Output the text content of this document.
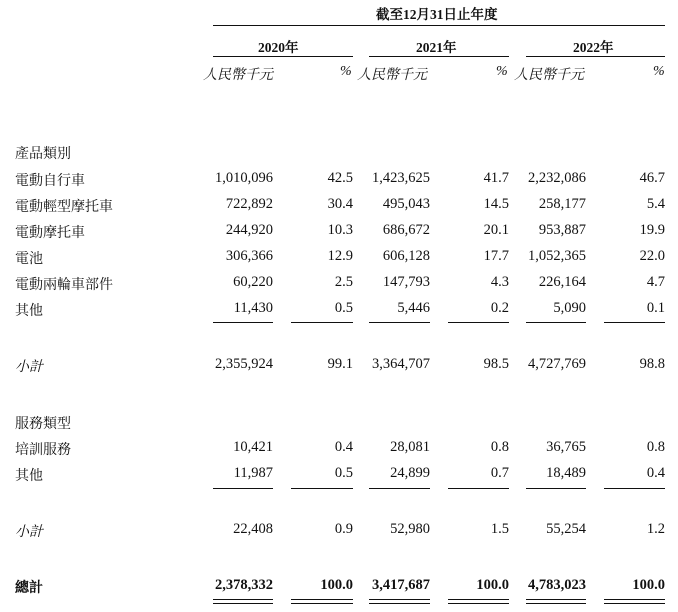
截至12月31日止年度
2020年	2021年	2022年
人民幣千元	% 人民幣千元	% 人民幣千元	%
產品類別
電動自行車	1,010,096	42.5 1,423,625	41.7 2,232,086	46.7
電動輕型摩托車	722,892	30.4 495,043	14.5 258,177	5.4
電動摩托車	244,920	10.3 686,672	20.1 953,887	19.9
電池	306,366	12.9 606,128	17.7 1,052,365	22.0
電動兩輪車部件	60,220	2.5 147,793	4.3 226,164	4.7
其他	11,430	0.5	5,446	0.2	5,090	0.1
小計	2,355,924	99.1 3,364,707	98.5 4,727,769	98.8
服務類型
培訓服務	10,421	0.4	28,081	0.8	36,765	0.8
其他	11,987	0.5	24,899	0.7	18,489	0.4
小計	22,408	0.9	52,980	1.5	55,254	1.2
總計	2,378,332	100.0 3,417,687	100.0 4,783,023	100.0
